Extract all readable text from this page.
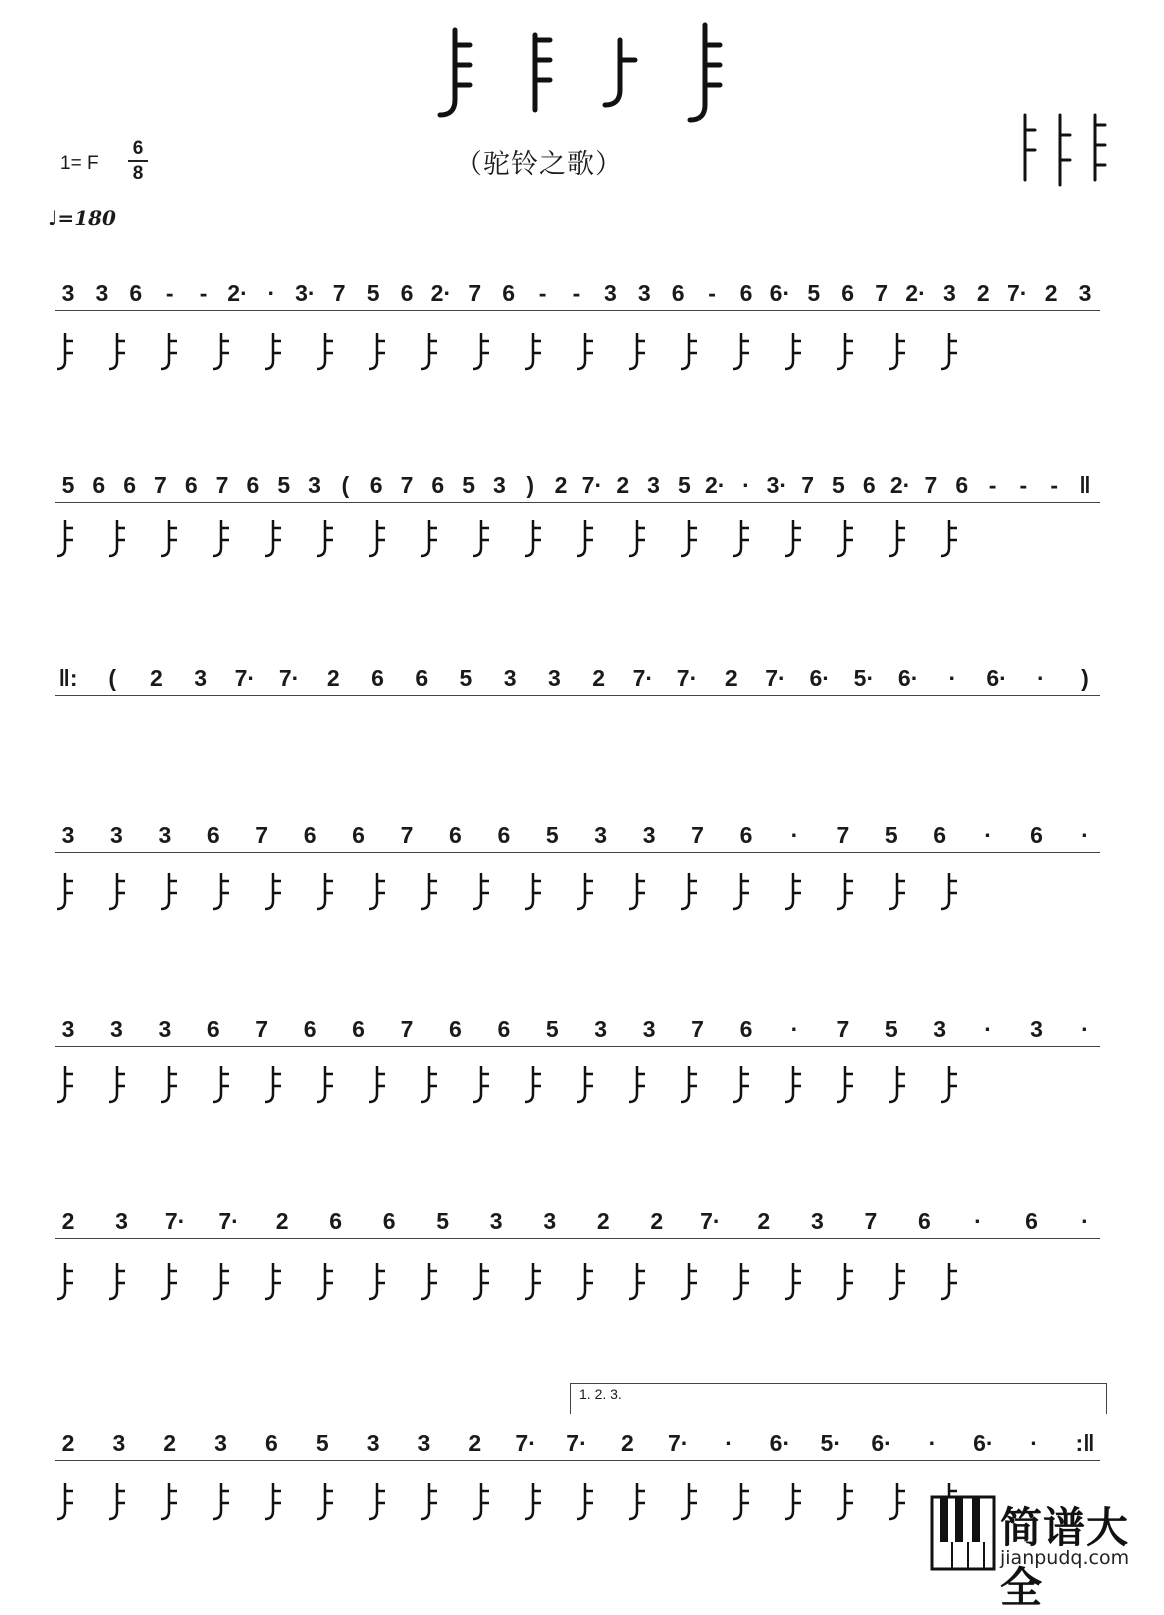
（驼铃之歌）
1= F
6
8
♩=180
3 3 6 - - 2· · 3· 7 5 6 2· 7 6 - - 3 3 6 - 6 6· 5 6 7 2· 3 2 7· 2 3
5 6 6 7 6 7 6 5 3 ( 6 7 6 5 3 ) 2 7· 2 3 5 2· · 3· 7 5 6 2· 7 6 - - - ‖
‖: ( 2 3 7· 7· 2 6 6 5 3 3 2 7· 7· 2 7· 6· 5· 6· · 6· · )
3 3 3 6 7 6 6 7 6 6 5 3 3 7 6 · 7 5 6 · 6 ·
3 3 3 6 7 6 6 7 6 6 5 3 3 7 6 · 7 5 3 · 3 ·
2 3 7· 7· 2 6 6 5 3 3 2 2 7· 2 3 7 6 · 6 ·
2 3 2 3 6 5 3 3 2 7· 7· 2 7· · 6· 5· 6· · 6· · :‖
1. 2. 3.
简谱大全
jianpudq.com
